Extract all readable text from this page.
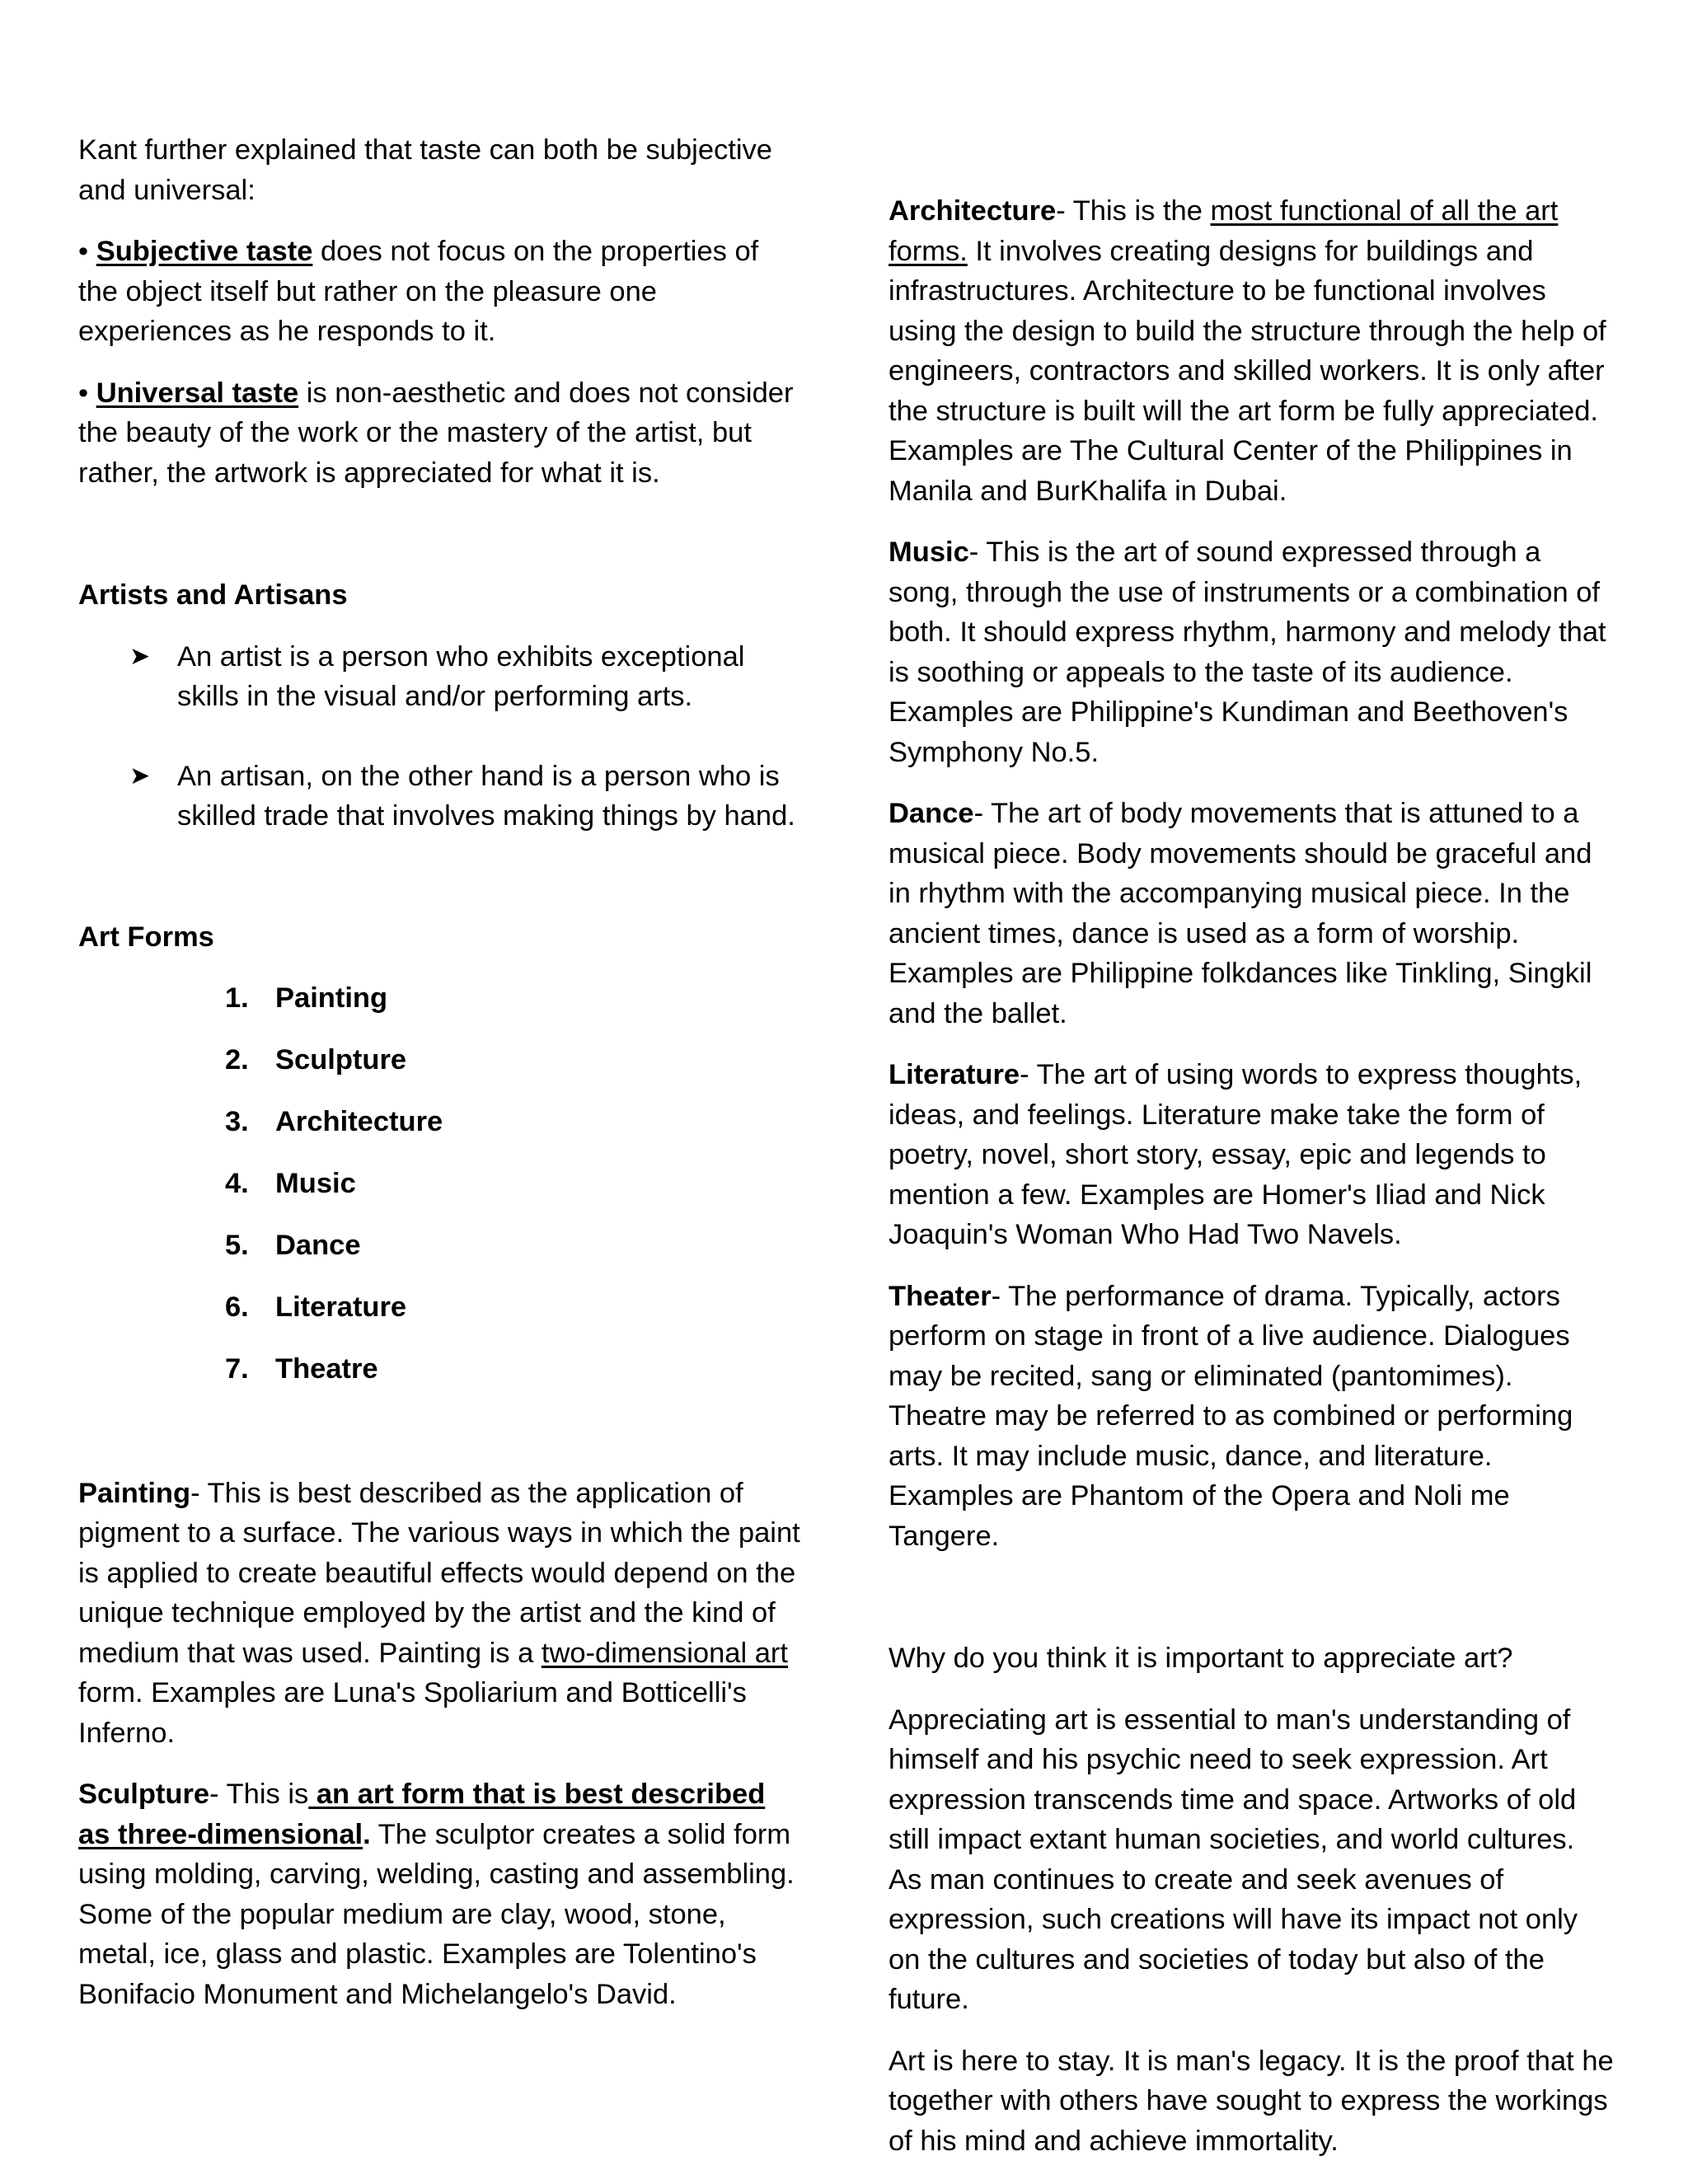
Kant further explained that taste can both be subjective and universal:

• Subjective taste does not focus on the properties of the object itself but rather on the pleasure one experiences as he responds to it.

• Universal taste is non-aesthetic and does not consider the beauty of the work or the mastery of the artist, but rather, the artwork is appreciated for what it is.

Artists and Artisans
➤ An artist is a person who exhibits exceptional skills in the visual and/or performing arts.
➤ An artisan, on the other hand is a person who is skilled trade that involves making things by hand.
Art Forms
1. Painting
2. Sculpture
3. Architecture
4. Music
5. Dance
6. Literature
7. Theatre

Painting- This is best described as the application of pigment to a surface. The various ways in which the paint is applied to create beautiful effects would depend on the unique technique employed by the artist and the kind of medium that was used. Painting is a two-dimensional art form. Examples are Luna's Spoliarium and Botticelli's Inferno.

Sculpture- This is an art form that is best described as three-dimensional. The sculptor creates a solid form using molding, carving, welding, casting and assembling. Some of the popular medium are clay, wood, stone, metal, ice, glass and plastic. Examples are Tolentino's Bonifacio Monument and Michelangelo's David.

Architecture- This is the most functional of all the art forms. It involves creating designs for buildings and infrastructures. Architecture to be functional involves using the design to build the structure through the help of engineers, contractors and skilled workers. It is only after the structure is built will the art form be fully appreciated. Examples are The Cultural Center of the Philippines in Manila and BurKhalifa in Dubai.

Music- This is the art of sound expressed through a song, through the use of instruments or a combination of both. It should express rhythm, harmony and melody that is soothing or appeals to the taste of its audience. Examples are Philippine's Kundiman and Beethoven's Symphony No.5.

Dance- The art of body movements that is attuned to a musical piece. Body movements should be graceful and in rhythm with the accompanying musical piece. In the ancient times, dance is used as a form of worship. Examples are Philippine folkdances like Tinkling, Singkil and the ballet.

Literature- The art of using words to express thoughts, ideas, and feelings. Literature make take the form of poetry, novel, short story, essay, epic and legends to mention a few. Examples are Homer's Iliad and Nick Joaquin's Woman Who Had Two Navels.

Theater- The performance of drama. Typically, actors perform on stage in front of a live audience. Dialogues may be recited, sang or eliminated (pantomimes). Theatre may be referred to as combined or performing arts. It may include music, dance, and literature. Examples are Phantom of the Opera and Noli me Tangere.

Why do you think it is important to appreciate art?

Appreciating art is essential to man's understanding of himself and his psychic need to seek expression. Art expression transcends time and space. Artworks of old still impact extant human societies, and world cultures. As man continues to create and seek avenues of expression, such creations will have its impact not only on the cultures and societies of today but also of the future.

Art is here to stay. It is man's legacy. It is the proof that he together with others have sought to express the workings of his mind and achieve immortality.
